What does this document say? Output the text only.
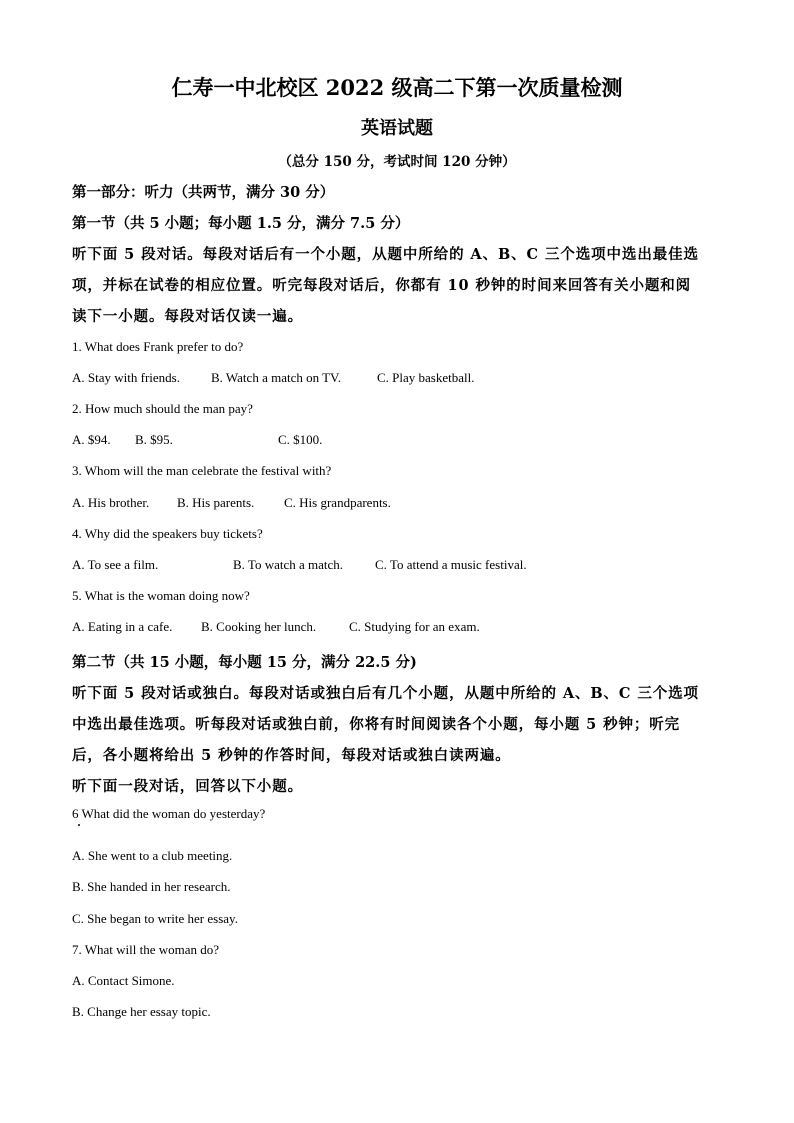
仁寿一中北校区 2022 级高二下第一次质量检测
英语试题
（总分 150 分，考试时间 120 分钟）
第一部分：听力（共两节，满分 30 分）
第一节（共 5 小题；每小题 1.5 分，满分 7.5 分）
听下面 5 段对话。每段对话后有一个小题，从题中所给的 A、B、C 三个选项中选出最佳选
项，并标在试卷的相应位置。听完每段对话后，你都有 10 秒钟的时间来回答有关小题和阅
读下一小题。每段对话仅读一遍。
1. What does Frank prefer to do?
A. Stay with friends. B. Watch a match on TV.	C. Play basketball.
2. How much should the man pay?
A. $94. B. $95.	C. $100.
3. Whom will the man celebrate the festival with?
A. His brother. B. His parents. C. His grandparents.
4. Why did the speakers buy tickets?
A. To see a film.	B. To watch a match. C. To attend a music festival.
5. What is the woman doing now?
A. Eating in a cafe. B. Cooking her lunch.	C. Studying for an exam.
第二节（共 15 小题，每小题 15 分，满分 22.5 分)
听下面 5 段对话或独白。每段对话或独白后有几个小题，从题中所给的 A、B、C 三个选项
中选出最佳选项。听每段对话或独白前，你将有时间阅读各个小题，每小题 5 秒钟；听完
后，各小题将给出 5 秒钟的作答时间，每段对话或独白读两遍。
听下面一段对话，回答以下小题。
6 What did the woman do yesterday?
A. She went to a club meeting.
B. She handed in her research.
C. She began to write her essay.
7. What will the woman do?
A. Contact Simone.
B. Change her essay topic.
